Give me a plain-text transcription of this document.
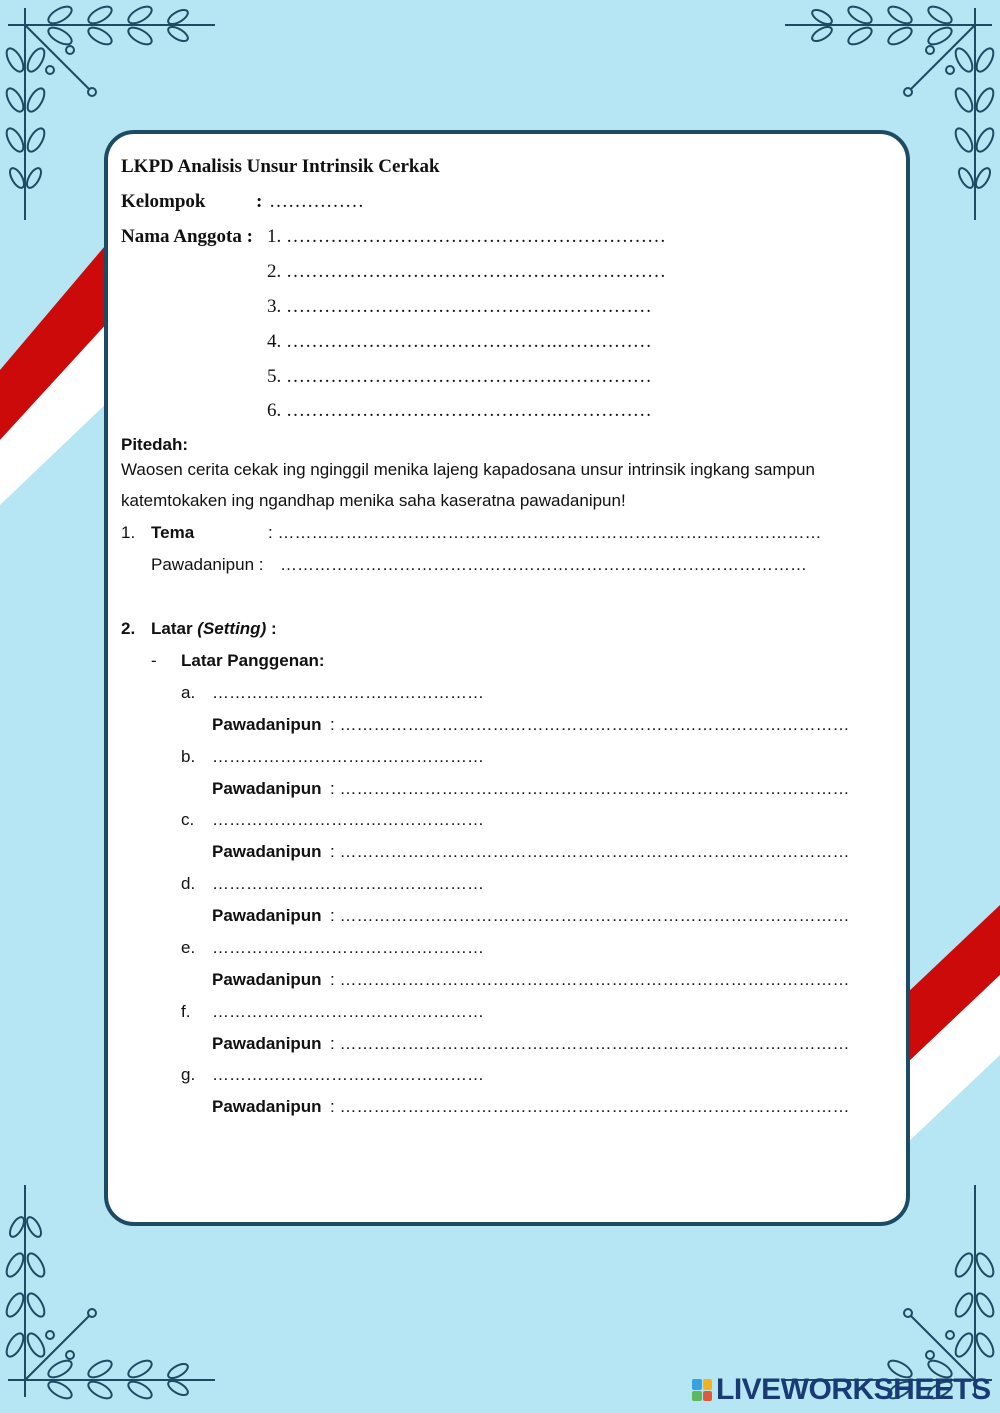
LKPD Analisis Unsur Intrinsik Cerkak
Kelompok	: ……………
Nama Anggota : 1. ……………………………………………………
2. ……………………………………………………
3. …………………………………….……………
4. …………………………………….……………
5. …………………………………….……………
6. …………………………………….……………
Pitedah:
Waosen cerita cekak ing nginggil menika lajeng kapadosana unsur intrinsik ingkang sampun
katemtokaken ing ngandhap menika saha kaseratna pawadanipun!
1. Tema	: ……………………………………………………………………………………
Pawadanipun : …………………………………………………………………………………
2. Latar (Setting) :
- Latar Panggenan:
a. …………………………………………
Pawadanipun : ………………………………………………………………………………
b. …………………………………………
Pawadanipun : ………………………………………………………………………………
c. …………………………………………
Pawadanipun : ………………………………………………………………………………
d. …………………………………………
Pawadanipun : ………………………………………………………………………………
e. …………………………………………
Pawadanipun : ………………………………………………………………………………
f. …………………………………………
Pawadanipun : ………………………………………………………………………………
g. …………………………………………
Pawadanipun : ………………………………………………………………………………
LIVEWORKSHEETS
